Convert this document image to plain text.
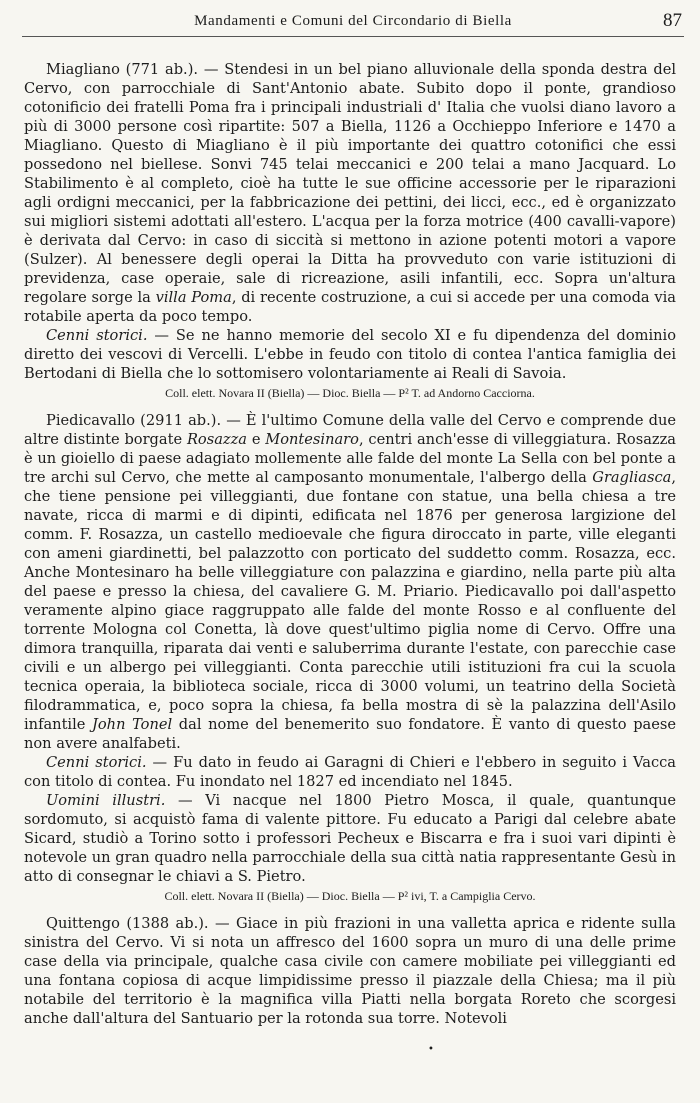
Mandamenti e Comuni del Circondario di Biella	87

Miagliano (771 ab.). — Stendesi in un bel piano alluvionale della sponda destra del Cervo, con parrocchiale di Sant'Antonio abate. Subito dopo il ponte, grandioso cotonificio dei fratelli Poma fra i principali industriali d' Italia che vuolsi diano lavoro a più di 3000 persone così ripartite: 507 a Biella, 1126 a Occhieppo Inferiore e 1470 a Miagliano. Questo di Miagliano è il più importante dei quattro cotonifici che essi possedono nel biellese. Sonvi 745 telai meccanici e 200 telai a mano Jacquard. Lo Stabilimento è al completo, cioè ha tutte le sue officine accessorie per le riparazioni agli ordigni meccanici, per la fabbricazione dei pettini, dei licci, ecc., ed è organizzato sui migliori sistemi adottati all'estero. L'acqua per la forza motrice (400 cavalli-vapore) è derivata dal Cervo: in caso di siccità si mettono in azione potenti motori a vapore (Sulzer). Al benessere degli operai la Ditta ha provveduto con varie istituzioni di previdenza, case operaie, sale di ricreazione, asili infantili, ecc. Sopra un'altura regolare sorge la villa Poma, di recente costruzione, a cui si accede per una comoda via rotabile aperta da poco tempo.

Cenni storici. — Se ne hanno memorie del secolo XI e fu dipendenza del dominio diretto dei vescovi di Vercelli. L'ebbe in feudo con titolo di contea l'antica famiglia dei Bertodani di Biella che lo sottomisero volontariamente ai Reali di Savoia.

Coll. elett. Novara II (Biella) — Dioc. Biella — P² T. ad Andorno Cacciorna.

Piedicavallo (2911 ab.). — È l'ultimo Comune della valle del Cervo e comprende due altre distinte borgate Rosazza e Montesinaro, centri anch'esse di villeggiatura. Rosazza è un gioiello di paese adagiato mollemente alle falde del monte La Sella con bel ponte a tre archi sul Cervo, che mette al camposanto monumentale, l'albergo della Gragliasca, che tiene pensione pei villeggianti, due fontane con statue, una bella chiesa a tre navate, ricca di marmi e di dipinti, edificata nel 1876 per generosa largizione del comm. F. Rosazza, un castello medioevale che figura diroccato in parte, ville eleganti con ameni giardinetti, bel palazzotto con porticato del suddetto comm. Rosazza, ecc. Anche Montesinaro ha belle villeggiature con palazzina e giardino, nella parte più alta del paese e presso la chiesa, del cavaliere G. M. Priario. Piedicavallo poi dall'aspetto veramente alpino giace raggruppato alle falde del monte Rosso e al confluente del torrente Mologna col Conetta, là dove quest'ultimo piglia nome di Cervo. Offre una dimora tranquilla, riparata dai venti e saluberrima durante l'estate, con parecchie case civili e un albergo pei villeggianti. Conta parecchie utili istituzioni fra cui la scuola tecnica operaia, la biblioteca sociale, ricca di 3000 volumi, un teatrino della Società filodrammatica, e, poco sopra la chiesa, fa bella mostra di sè la palazzina dell'Asilo infantile John Tonel dal nome del benemerito suo fondatore. È vanto di questo paese non avere analfabeti.

Cenni storici. — Fu dato in feudo ai Garagni di Chieri e l'ebbero in seguito i Vacca con titolo di contea. Fu inondato nel 1827 ed incendiato nel 1845.

Uomini illustri. — Vi nacque nel 1800 Pietro Mosca, il quale, quantunque sordomuto, si acquistò fama di valente pittore. Fu educato a Parigi dal celebre abate Sicard, studiò a Torino sotto i professori Pecheux e Biscarra e fra i suoi vari dipinti è notevole un gran quadro nella parrocchiale della sua città natia rappresentante Gesù in atto di consegnar le chiavi a S. Pietro.

Coll. elett. Novara II (Biella) — Dioc. Biella — P² ivi, T. a Campiglia Cervo.

Quittengo (1388 ab.). — Giace in più frazioni in una valletta aprica e ridente sulla sinistra del Cervo. Vi si nota un affresco del 1600 sopra un muro di una delle prime case della via principale, qualche casa civile con camere mobiliate pei villeggianti ed una fontana copiosa di acque limpidissime presso il piazzale della Chiesa; ma il più notabile del territorio è la magnifica villa Piatti nella borgata Roreto che scorgesi anche dall'altura del Santuario per la rotonda sua torre. Notevoli

•
